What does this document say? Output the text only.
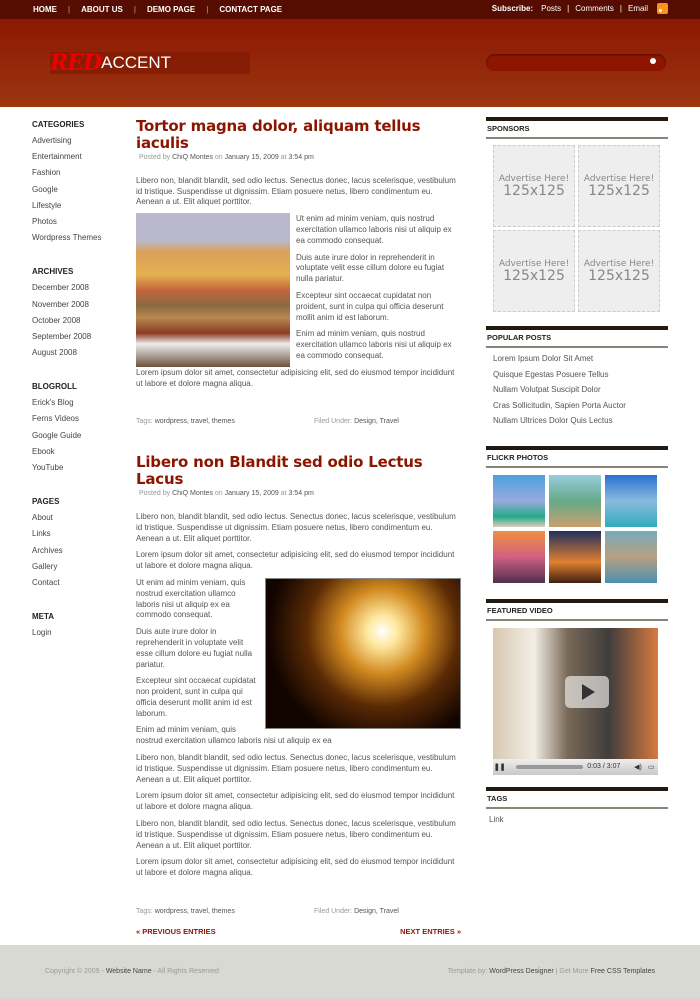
HOME | ABOUT US | DEMO PAGE | CONTACT PAGE	Subscribe: Posts | Comments | Email
RED ACCENT
CATEGORIES
Advertising
Entertainment
Fashion
Google
Lifestyle
Photos
Wordpress Themes
ARCHIVES
December 2008
November 2008
October 2008
September 2008
August 2008
BLOGROLL
Erick's Blog
Ferns Videos
Google Guide
Ebook
YouTube
PAGES
About
Links
Archives
Gallery
Contact
META
Login
Tortor magna dolor, aliquam tellus iaculis
Posted by ChiQ Montes on January 15, 2009 at 3:54 pm

Libero non, blandit blandit, sed odio lectus. Senectus donec, lacus scelerisque, vestibulum id tristique. Suspendisse ut dignissim. Etiam posuere netus, libero condimentum eu. Aenean a ut. Elit aliquet porttitor.

Ut enim ad minim veniam, quis nostrud exercitation ullamco laboris nisi ut aliquip ex ea commodo consequat.

Duis aute irure dolor in reprehenderit in voluptate velit esse cillum dolore eu fugiat nulla pariatur.

Excepteur sint occaecat cupidatat non proident, sunt in culpa qui officia deserunt mollit anim id est laborum.

Enim ad minim veniam, quis nostrud exercitation ullamco laboris nisi ut aliquip ex ea commodo consequat.

Lorem ipsum dolor sit amet, consectetur adipisicing elit, sed do eiusmod tempor incididunt ut labore et dolore magna aliqua.

Tags: wordpress, travel, themes	Filed Under: Design, Travel
Libero non Blandit sed odio Lectus Lacus
Posted by ChiQ Montes on January 15, 2009 at 3:54 pm

Libero non, blandit blandit, sed odio lectus. Senectus donec, lacus scelerisque, vestibulum id tristique. Suspendisse ut dignissim. Etiam posuere netus, libero condimentum eu. Aenean a ut. Elit aliquet porttitor.

Lorem ipsum dolor sit amet, consectetur adipisicing elit, sed do eiusmod tempor incididunt ut labore et dolore magna aliqua.

Ut enim ad minim veniam, quis nostrud exercitation ullamco laboris nisi ut aliquip ex ea commodo consequat.

Duis aute irure dolor in reprehenderit in voluptate velit esse cillum dolore eu fugiat nulla pariatur.

Excepteur sint occaecat cupidatat non proident, sunt in culpa qui officia deserunt mollit anim id est laborum.

Enim ad minim veniam, quis nostrud exercitation ullamco laboris nisi ut aliquip ex ea

Libero non, blandit blandit, sed odio lectus. Senectus donec, lacus scelerisque, vestibulum id tristique. Suspendisse ut dignissim. Etiam posuere netus, libero condimentum eu. Aenean a ut. Elit aliquet porttitor.

Lorem ipsum dolor sit amet, consectetur adipisicing elit, sed do eiusmod tempor incididunt ut labore et dolore magna aliqua.

Libero non, blandit blandit, sed odio lectus. Senectus donec, lacus scelerisque, vestibulum id tristique. Suspendisse ut dignissim. Etiam posuere netus, libero condimentum eu. Aenean a ut. Elit aliquet porttitor.

Lorem ipsum dolor sit amet, consectetur adipisicing elit, sed do eiusmod tempor incididunt ut labore et dolore magna aliqua.

Tags: wordpress, travel, themes	Filed Under: Design, Travel
« PREVIOUS ENTRIES	NEXT ENTRIES »
SPONSORS
Advertise Here!
125x125
Advertise Here!
125x125
Advertise Here!
125x125
Advertise Here!
125x125
POPULAR POSTS
Lorem Ipsum Dolor Sit Amet
Quisque Egestas Posuere Tellus
Nullam Volutpat Suscipit Dolor
Cras Sollicitudin, Sapien Porta Auctor
Nullam Ultrices Dolor Quis Lectus
FLICKR PHOTOS
FEATURED VIDEO
❚❚	0:03 / 3:07	◀) ▭
TAGS
Link
Copyright © 2009 - Website Name - All Rights Reserved	Template by: WordPress Designer | Get More Free CSS Templates
